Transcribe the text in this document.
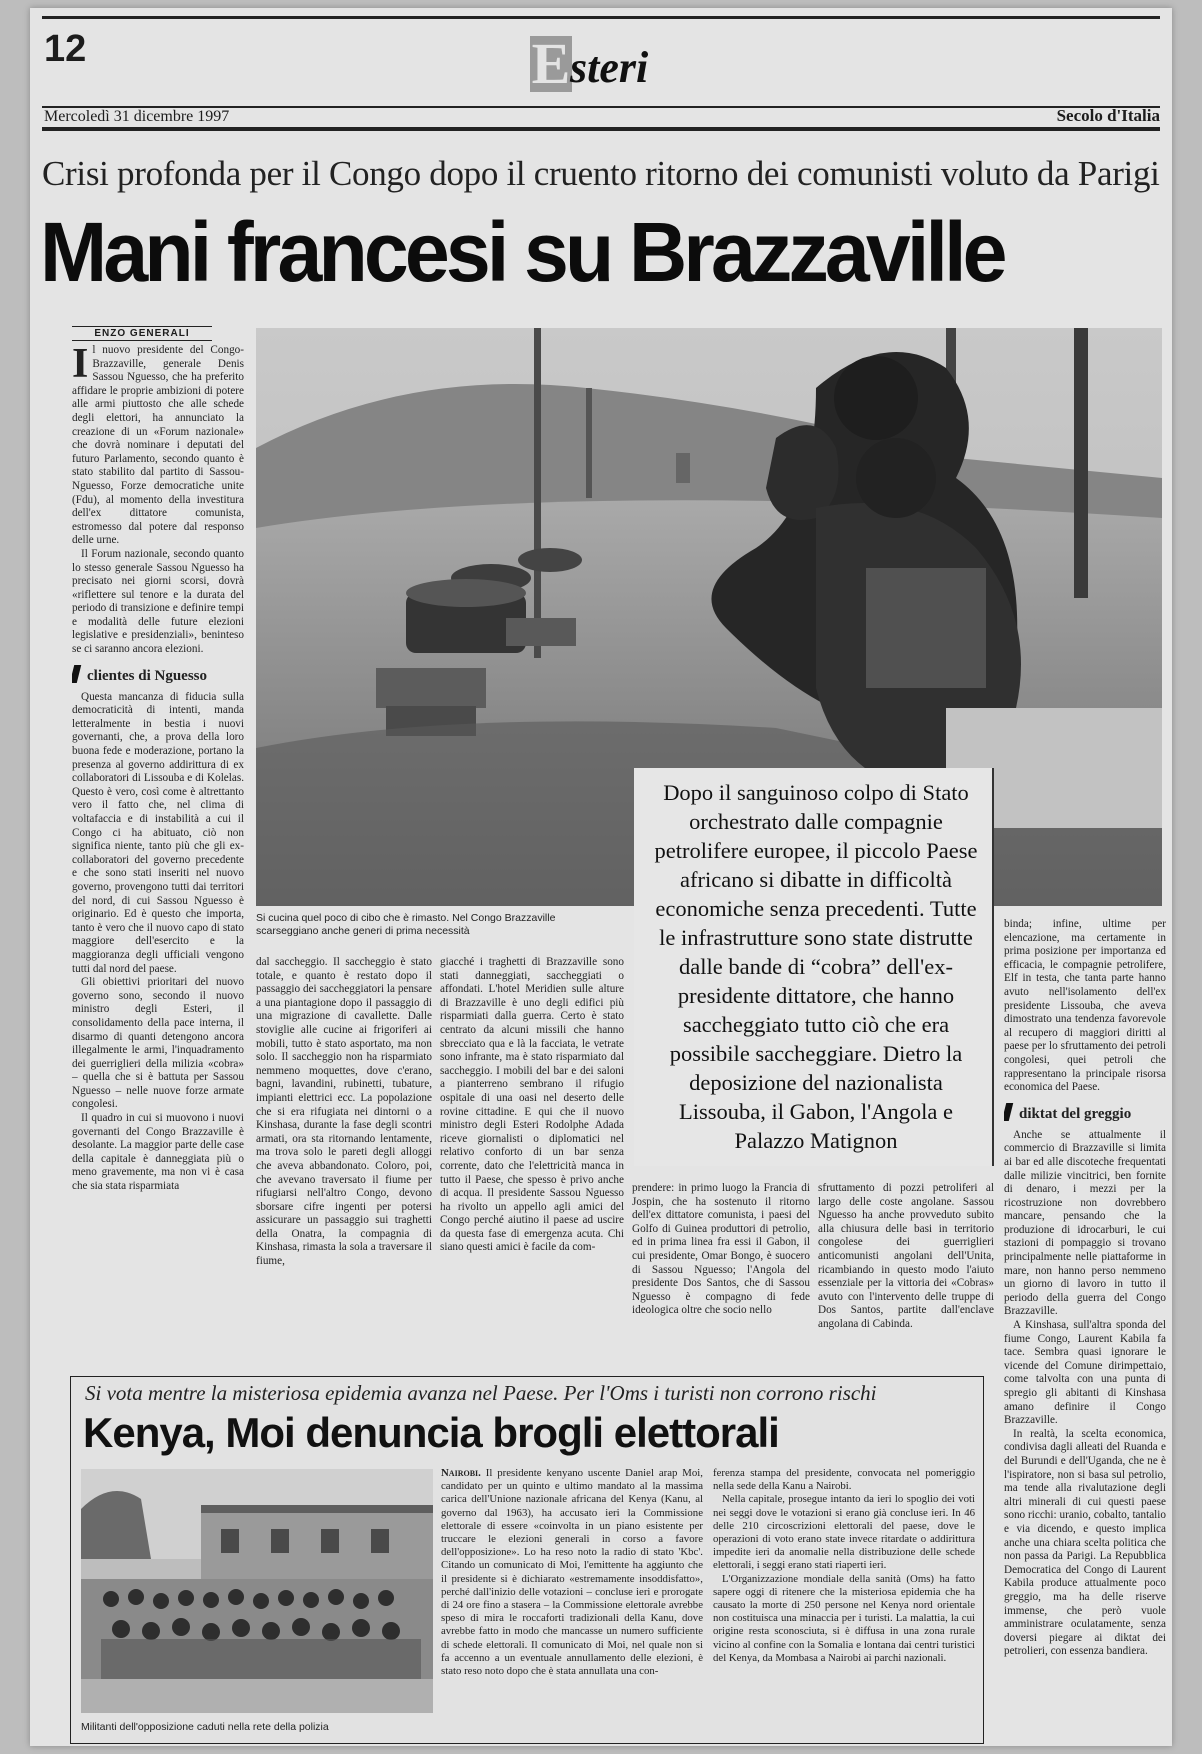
12	E steri
Mercoledì 31 dicembre 1997	Secolo d'Italia
Crisi profonda per il Congo dopo il cruento ritorno dei comunisti voluto da Parigi
Mani francesi su Brazzaville
ENZO GENERALI

Il nuovo presidente del Congo-Brazzaville, generale Denis Sassou Nguesso, che ha preferito affidare le proprie ambizioni di potere alle armi piuttosto che alle schede degli elettori, ha annunciato la creazione di un «Forum nazionale» che dovrà nominare i deputati del futuro Parlamento, secondo quanto è stato stabilito dal partito di Sassou-Nguesso, Forze democratiche unite (Fdu), al momento della investitura dell'ex dittatore comunista, estromesso dal potere dal responso delle urne.

Il Forum nazionale, secondo quanto lo stesso generale Sassou Nguesso ha precisato nei giorni scorsi, dovrà «riflettere sul tenore e la durata del periodo di transizione e definire tempi e modalità delle future elezioni legislative e presidenziali», beninteso se ci saranno ancora elezioni.

clientes di Nguesso

Questa mancanza di fiducia sulla democraticità di intenti, manda letteralmente in bestia i nuovi governanti, che, a prova della loro buona fede e moderazione, portano la presenza al governo addirittura di ex collaboratori di Lissouba e di Kolelas. Questo è vero, così come è altrettanto vero il fatto che, nel clima di voltafaccia e di instabilità a cui il Congo ci ha abituato, ciò non significa niente, tanto più che gli ex-collaboratori del governo precedente e che sono stati inseriti nel nuovo governo, provengono tutti dai territori del nord, di cui Sassou Nguesso è originario. Ed è questo che importa, tanto è vero che il nuovo capo di stato maggiore dell'esercito e la maggioranza degli ufficiali vengono tutti dal nord del paese.

Gli obiettivi prioritari del nuovo governo sono, secondo il nuovo ministro degli Esteri, il consolidamento della pace interna, il disarmo di quanti detengono ancora illegalmente le armi, l'inquadramento dei guerriglieri della milizia «cobra» – quella che si è battuta per Sassou Nguesso – nelle nuove forze armate congolesi.

Il quadro in cui si muovono i nuovi governanti del Congo Brazzaville è desolante. La maggior parte delle case della capitale è danneggiata più o meno gravemente, ma non vi è casa che sia stata risparmiata

Si cucina quel poco di cibo che è rimasto. Nel Congo Brazzaville scarseggiano anche generi di prima necessità

dal saccheggio. Il saccheggio è stato totale, e quanto è restato dopo il passaggio dei saccheggiatori la pensare a una piantagione dopo il passaggio di una migrazione di cavallette. Dalle stoviglie alle cucine ai frigoriferi ai mobili, tutto è stato asportato, ma non solo. Il saccheggio non ha risparmiato nemmeno moquettes, dove c'erano, bagni, lavandini, rubinetti, tubature, impianti elettrici ecc. La popolazione che si era rifugiata nei dintorni o a Kinshasa, durante la fase degli scontri armati, ora sta ritornando lentamente, ma trova solo le pareti degli alloggi che aveva abbandonato. Coloro, poi, che avevano traversato il fiume per rifugiarsi nell'altro Congo, devono sborsare cifre ingenti per potersi assicurare un passaggio sui traghetti della Onatra, la compagnia di Kinshasa, rimasta la sola a traversare il fiume,

giacché i traghetti di Brazzaville sono stati danneggiati, saccheggiati o affondati. L'hotel Meridien sulle alture di Brazzaville è uno degli edifici più risparmiati dalla guerra. Certo è stato centrato da alcuni missili che hanno sbrecciato qua e là la facciata, le vetrate sono infrante, ma è stato risparmiato dal saccheggio. I mobili del bar e dei saloni a pianterreno sembrano il rifugio ospitale di una oasi nel deserto delle rovine cittadine. E qui che il nuovo ministro degli Esteri Rodolphe Adada riceve giornalisti o diplomatici nel relativo conforto di un bar senza corrente, dato che l'elettricità manca in tutto il Paese, che spesso è privo anche di acqua. Il presidente Sassou Nguesso ha rivolto un appello agli amici del Congo perché aiutino il paese ad uscire da questa fase di emergenza acuta. Chi siano questi amici è facile da com-

Dopo il sanguinoso colpo di Stato orchestrato dalle compagnie petrolifere europee, il piccolo Paese africano si dibatte in difficoltà economiche senza precedenti. Tutte le infrastrutture sono state distrutte dalle bande di “cobra” dell'ex-presidente dittatore, che hanno saccheggiato tutto ciò che era possibile saccheggiare. Dietro la deposizione del nazionalista Lissouba, il Gabon, l'Angola e Palazzo Matignon

prendere: in primo luogo la Francia di Jospin, che ha sostenuto il ritorno dell'ex dittatore comunista, i paesi del Golfo di Guinea produttori di petrolio, ed in prima linea fra essi il Gabon, il cui presidente, Omar Bongo, è suocero di Sassou Nguesso; l'Angola del presidente Dos Santos, che di Sassou Nguesso è compagno di fede ideologica oltre che socio nello

sfruttamento di pozzi petroliferi al largo delle coste angolane. Sassou Nguesso ha anche provveduto subito alla chiusura delle basi in territorio congolese dei guerriglieri anticomunisti angolani dell'Unita, ricambiando in questo modo l'aiuto essenziale per la vittoria dei «Cobras» avuto con l'intervento delle truppe di Dos Santos, partite dall'enclave angolana di Cabinda.

binda; infine, ultime per elencazione, ma certamente in prima posizione per importanza ed efficacia, le compagnie petrolifere, Elf in testa, che tanta parte hanno avuto nell'isolamento dell'ex presidente Lissouba, che aveva dimostrato una tendenza favorevole al recupero di maggiori diritti al paese per lo sfruttamento dei petroli congolesi, quei petroli che rappresentano la principale risorsa economica del Paese.

diktat del greggio

Anche se attualmente il commercio di Brazzaville si limita ai bar ed alle discoteche frequentati dalle milizie vincitrici, ben fornite di denaro, i mezzi per la ricostruzione non dovrebbero mancare, pensando che la produzione di idrocarburi, le cui stazioni di pompaggio si trovano principalmente nelle piattaforme in mare, non hanno perso nemmeno un giorno di lavoro in tutto il periodo della guerra del Congo Brazzaville.

A Kinshasa, sull'altra sponda del fiume Congo, Laurent Kabila fa tace. Sembra quasi ignorare le vicende del Comune dirimpettaio, come talvolta con una punta di spregio gli abitanti di Kinshasa amano definire il Congo Brazzaville.

In realtà, la scelta economica, condivisa dagli alleati del Ruanda e del Burundi e dell'Uganda, che ne è l'ispiratore, non si basa sul petrolio, ma tende alla rivalutazione degli altri minerali di cui questi paese sono ricchi: uranio, cobalto, tantalio e via dicendo, e questo implica anche una chiara scelta politica che non passa da Parigi. La Repubblica Democratica del Congo di Laurent Kabila produce attualmente poco greggio, ma ha delle riserve immense, che però vuole amministrare oculatamente, senza doversi piegare ai diktat dei petrolieri, con essenza bandiera.

Si vota mentre la misteriosa epidemia avanza nel Paese. Per l'Oms i turisti non corrono rischi
Kenya, Moi denuncia brogli elettorali
Militanti dell'opposizione caduti nella rete della polizia

Nairobi. Il presidente kenyano uscente Daniel arap Moi, candidato per un quinto e ultimo mandato al la massima carica dell'Unione nazionale africana del Kenya (Kanu, al governo dal 1963), ha accusato ieri la Commissione elettorale di essere «coinvolta in un piano esistente per truccare le elezioni generali in corso a favore dell'opposizione». Lo ha reso noto la radio di stato 'Kbc'. Citando un comunicato di Moi, l'emittente ha aggiunto che il presidente si è dichiarato «estremamente insoddisfatto», perché dall'inizio delle votazioni – concluse ieri e prorogate di 24 ore fino a stasera – la Commissione elettorale avrebbe speso di mira le roccaforti tradizionali della Kanu, dove avrebbe fatto in modo che mancasse un numero sufficiente di schede elettorali. Il comunicato di Moi, nel quale non si fa accenno a un eventuale annullamento delle elezioni, è stato reso noto dopo che è stata annullata una con-

ferenza stampa del presidente, convocata nel pomeriggio nella sede della Kanu a Nairobi.

Nella capitale, prosegue intanto da ieri lo spoglio dei voti nei seggi dove le votazioni si erano già concluse ieri. In 46 delle 210 circoscrizioni elettorali del paese, dove le operazioni di voto erano state invece ritardate o addirittura impedite ieri da anomalie nella distribuzione delle schede elettorali, i seggi erano stati riaperti ieri.

L'Organizzazione mondiale della sanità (Oms) ha fatto sapere oggi di ritenere che la misteriosa epidemia che ha causato la morte di 250 persone nel Kenya nord orientale non costituisca una minaccia per i turisti. La malattia, la cui origine resta sconosciuta, si è diffusa in una zona rurale vicino al confine con la Somalia e lontana dai centri turistici del Kenya, da Mombasa a Nairobi ai parchi nazionali.
